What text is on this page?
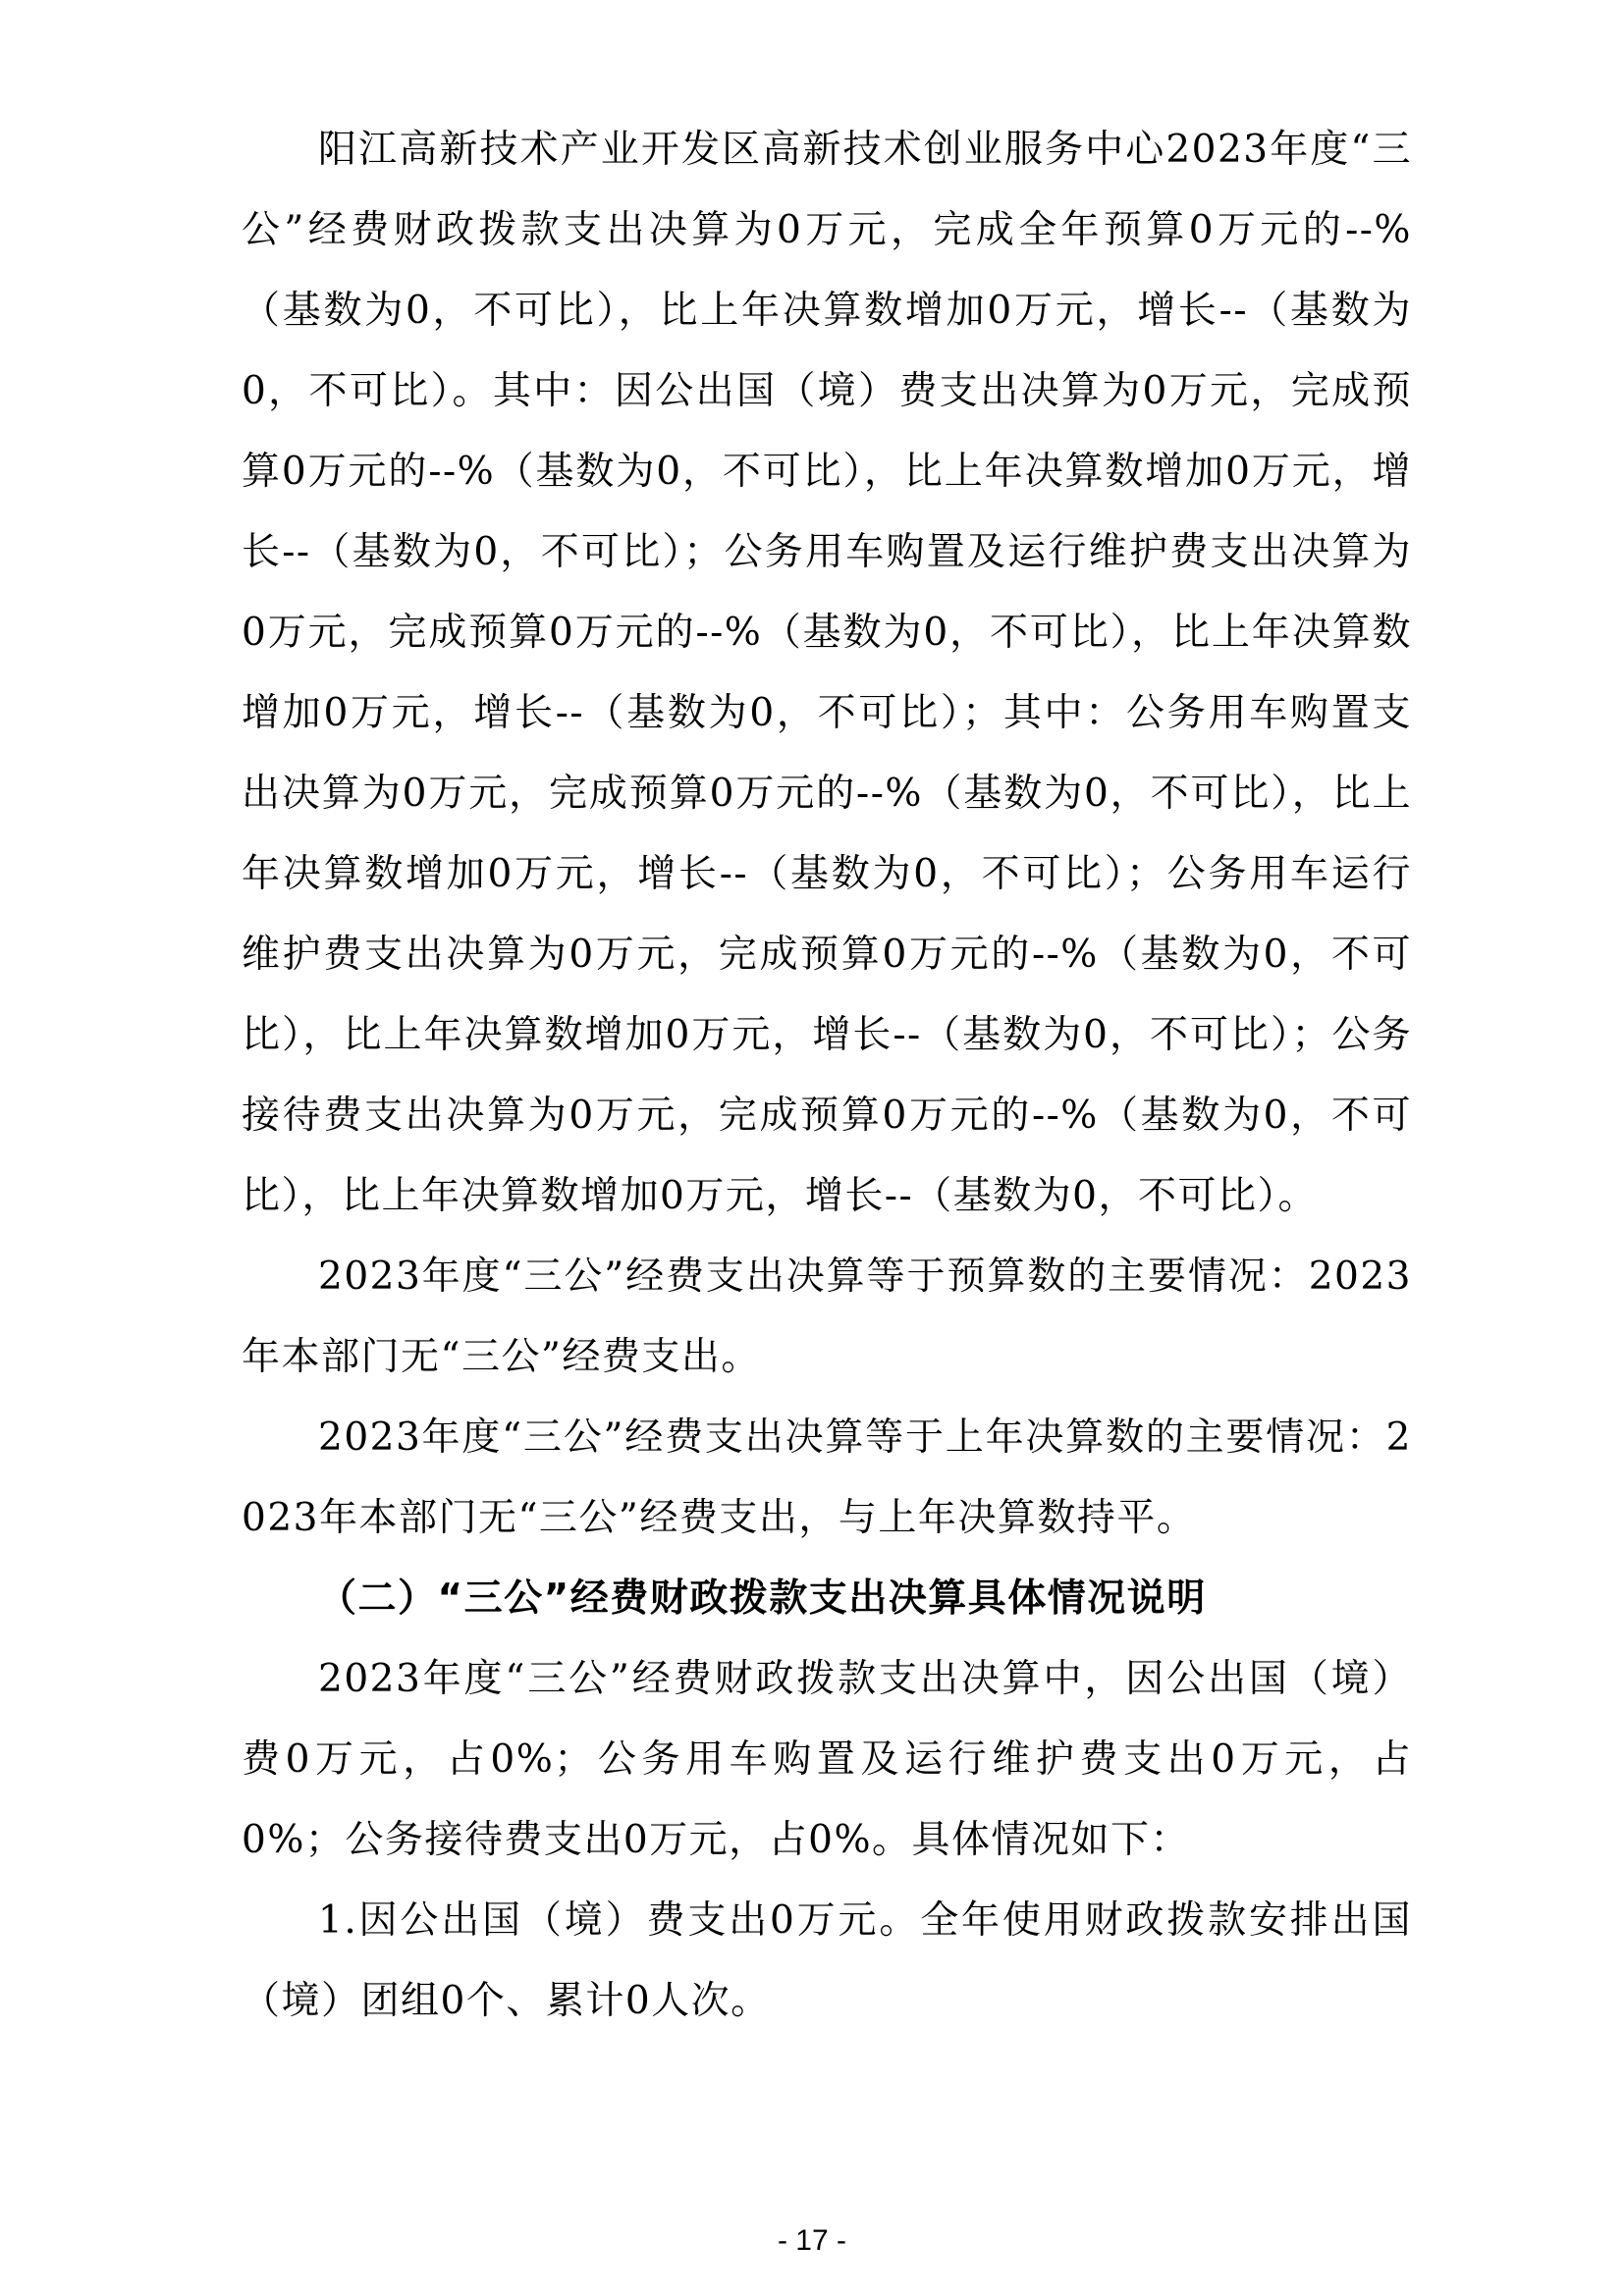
阳江高新技术产业开发区高新技术创业服务中心2023年度“三公”经费财政拨款支出决算为0万元，完成全年预算0万元的--%（基数为0，不可比），比上年决算数增加0万元，增长--（基数为0，不可比）。其中：因公出国（境）费支出决算为0万元，完成预算0万元的--%（基数为0，不可比），比上年决算数增加0万元，增长--（基数为0，不可比）；公务用车购置及运行维护费支出决算为0万元，完成预算0万元的--%（基数为0，不可比），比上年决算数增加0万元，增长--（基数为0，不可比）；其中：公务用车购置支出决算为0万元，完成预算0万元的--%（基数为0，不可比），比上年决算数增加0万元，增长--（基数为0，不可比）；公务用车运行维护费支出决算为0万元，完成预算0万元的--%（基数为0，不可比），比上年决算数增加0万元，增长--（基数为0，不可比）；公务接待费支出决算为0万元，完成预算0万元的--%（基数为0，不可比），比上年决算数增加0万元，增长--（基数为0，不可比）。

2023年度“三公”经费支出决算等于预算数的主要情况：2023年本部门无“三公”经费支出。

2023年度“三公”经费支出决算等于上年决算数的主要情况：2023年本部门无“三公”经费支出，与上年决算数持平。

（二）“三公”经费财政拨款支出决算具体情况说明

2023年度“三公”经费财政拨款支出决算中，因公出国（境）费0万元，占0%；公务用车购置及运行维护费支出0万元，占0%；公务接待费支出0万元，占0%。具体情况如下：

1.因公出国（境）费支出0万元。全年使用财政拨款安排出国（境）团组0个、累计0人次。

- 17 -
